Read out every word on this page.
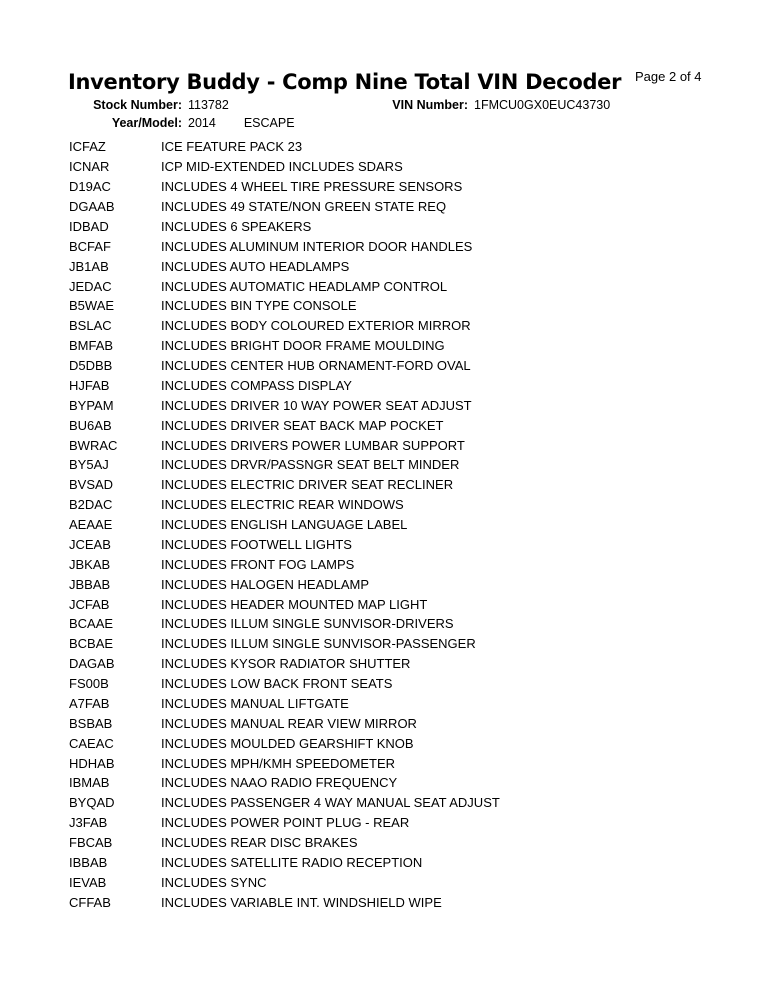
Inventory Buddy - Comp Nine Total VIN Decoder Page 2 of 4
Stock Number: 113782	VIN Number: 1FMCU0GX0EUC43730
Year/Model: 2014 ESCAPE
ICFAZ	ICE FEATURE PACK 23
ICNAR	ICP MID-EXTENDED INCLUDES SDARS
D19AC	INCLUDES 4 WHEEL TIRE PRESSURE SENSORS
DGAAB	INCLUDES 49 STATE/NON GREEN STATE REQ
IDBAD	INCLUDES 6 SPEAKERS
BCFAF	INCLUDES ALUMINUM INTERIOR DOOR HANDLES
JB1AB	INCLUDES AUTO HEADLAMPS
JEDAC	INCLUDES AUTOMATIC HEADLAMP CONTROL
B5WAE	INCLUDES BIN TYPE CONSOLE
BSLAC	INCLUDES BODY COLOURED EXTERIOR MIRROR
BMFAB	INCLUDES BRIGHT DOOR FRAME MOULDING
D5DBB	INCLUDES CENTER HUB ORNAMENT-FORD OVAL
HJFAB	INCLUDES COMPASS DISPLAY
BYPAM	INCLUDES DRIVER 10 WAY POWER SEAT ADJUST
BU6AB	INCLUDES DRIVER SEAT BACK MAP POCKET
BWRAC	INCLUDES DRIVERS POWER LUMBAR SUPPORT
BY5AJ	INCLUDES DRVR/PASSNGR SEAT BELT MINDER
BVSAD	INCLUDES ELECTRIC DRIVER SEAT RECLINER
B2DAC	INCLUDES ELECTRIC REAR WINDOWS
AEAAE	INCLUDES ENGLISH LANGUAGE LABEL
JCEAB	INCLUDES FOOTWELL LIGHTS
JBKAB	INCLUDES FRONT FOG LAMPS
JBBAB	INCLUDES HALOGEN HEADLAMP
JCFAB	INCLUDES HEADER MOUNTED MAP LIGHT
BCAAE	INCLUDES ILLUM SINGLE SUNVISOR-DRIVERS
BCBAE	INCLUDES ILLUM SINGLE SUNVISOR-PASSENGER
DAGAB	INCLUDES KYSOR RADIATOR SHUTTER
FS00B	INCLUDES LOW BACK FRONT SEATS
A7FAB	INCLUDES MANUAL LIFTGATE
BSBAB	INCLUDES MANUAL REAR VIEW MIRROR
CAEAC	INCLUDES MOULDED GEARSHIFT KNOB
HDHAB	INCLUDES MPH/KMH SPEEDOMETER
IBMAB	INCLUDES NAAO RADIO FREQUENCY
BYQAD	INCLUDES PASSENGER 4 WAY MANUAL SEAT ADJUST
J3FAB	INCLUDES POWER POINT PLUG - REAR
FBCAB	INCLUDES REAR DISC BRAKES
IBBAB	INCLUDES SATELLITE RADIO RECEPTION
IEVAB	INCLUDES SYNC
CFFAB	INCLUDES VARIABLE INT. WINDSHIELD WIPE
